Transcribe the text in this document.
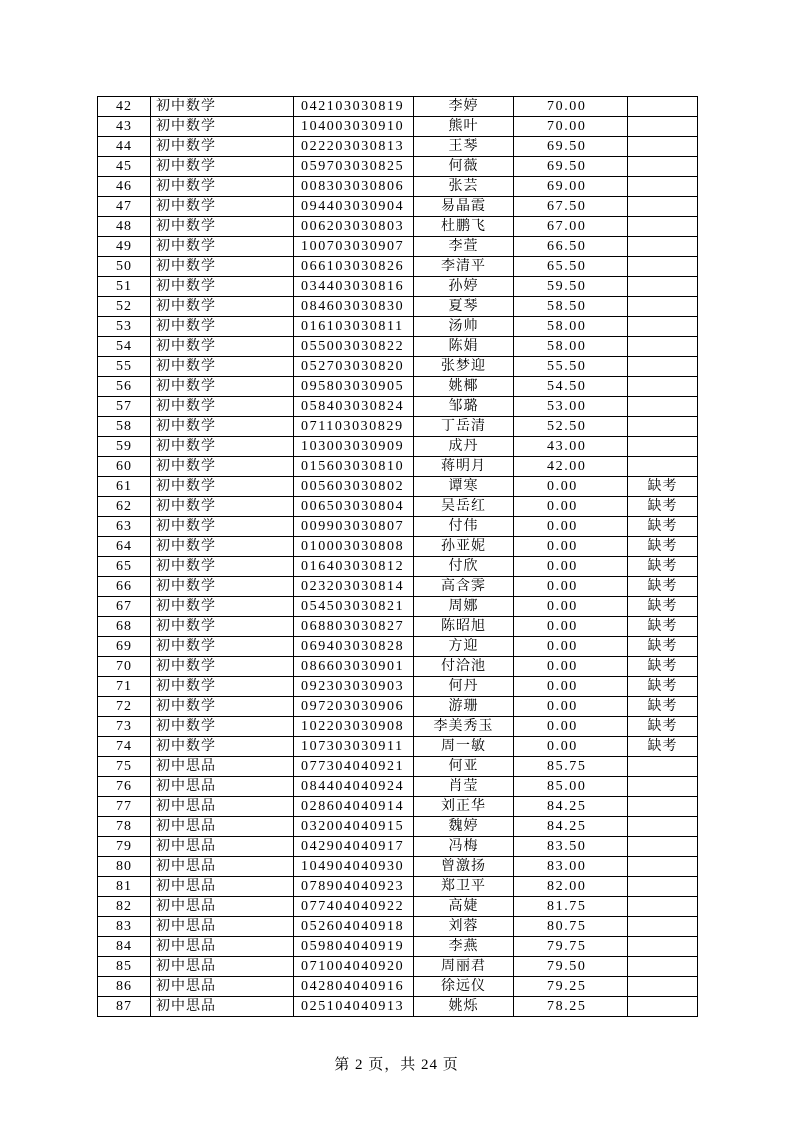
42	初中数学	042103030819	李婷	70.00	
43	初中数学	104003030910	熊叶	70.00	
44	初中数学	022203030813	王琴	69.50	
45	初中数学	059703030825	何薇	69.50	
46	初中数学	008303030806	张芸	69.00	
47	初中数学	094403030904	易晶霞	67.50	
48	初中数学	006203030803	杜鹏飞	67.00	
49	初中数学	100703030907	李萱	66.50	
50	初中数学	066103030826	李清平	65.50	
51	初中数学	034403030816	孙婷	59.50	
52	初中数学	084603030830	夏琴	58.50	
53	初中数学	016103030811	汤帅	58.00	
54	初中数学	055003030822	陈娟	58.00	
55	初中数学	052703030820	张梦迎	55.50	
56	初中数学	095803030905	姚椰	54.50	
57	初中数学	058403030824	邹璐	53.00	
58	初中数学	071103030829	丁岳清	52.50	
59	初中数学	103003030909	成丹	43.00	
60	初中数学	015603030810	蒋明月	42.00	
61	初中数学	005603030802	谭寒	0.00	缺考
62	初中数学	006503030804	吴岳红	0.00	缺考
63	初中数学	009903030807	付伟	0.00	缺考
64	初中数学	010003030808	孙亚妮	0.00	缺考
65	初中数学	016403030812	付欣	0.00	缺考
66	初中数学	023203030814	高含霁	0.00	缺考
67	初中数学	054503030821	周娜	0.00	缺考
68	初中数学	068803030827	陈昭旭	0.00	缺考
69	初中数学	069403030828	方迎	0.00	缺考
70	初中数学	086603030901	付洽池	0.00	缺考
71	初中数学	092303030903	何丹	0.00	缺考
72	初中数学	097203030906	游珊	0.00	缺考
73	初中数学	102203030908	李美秀玉	0.00	缺考
74	初中数学	107303030911	周一敏	0.00	缺考
75	初中思品	077304040921	何亚	85.75	
76	初中思品	084404040924	肖莹	85.00	
77	初中思品	028604040914	刘正华	84.25	
78	初中思品	032004040915	魏婷	84.25	
79	初中思品	042904040917	冯梅	83.50	
80	初中思品	104904040930	曾激扬	83.00	
81	初中思品	078904040923	郑卫平	82.00	
82	初中思品	077404040922	高婕	81.75	
83	初中思品	052604040918	刘蓉	80.75	
84	初中思品	059804040919	李燕	79.75	
85	初中思品	071004040920	周丽君	79.50	
86	初中思品	042804040916	徐远仪	79.25	
87	初中思品	025104040913	姚烁	78.25	
第 2 页，共 24 页
